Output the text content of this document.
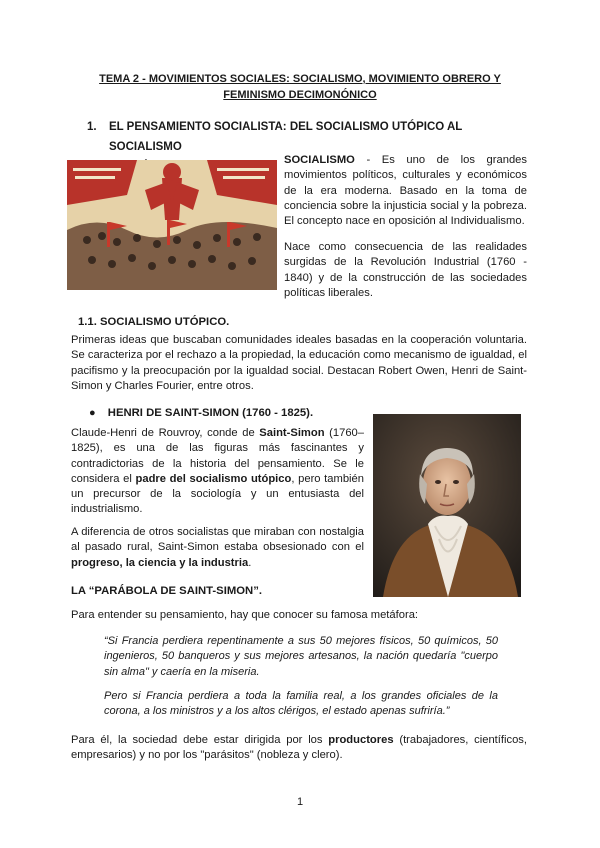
TEMA 2 - MOVIMIENTOS SOCIALES: SOCIALISMO, MOVIMIENTO OBRERO Y
FEMINISMO DECIMONÓNICO
1.	EL PENSAMIENTO SOCIALISTA: DEL SOCIALISMO UTÓPICO AL SOCIALISMO
SOCIALISMO - Es uno de los grandes movimientos políticos, culturales y económicos de la era moderna. Basado en la toma de conciencia sobre la injusticia social y la pobreza. El concepto nace en oposición al Individualismo.
Nace como consecuencia de las realidades surgidas de la Revolución Industrial (1760 - 1840) y de la construcción de las sociedades políticas liberales.
1.1. SOCIALISMO UTÓPICO.
Primeras ideas que buscaban comunidades ideales basadas en la cooperación voluntaria. Se caracteriza por el rechazo a la propiedad, la educación como mecanismo de igualdad, el pacifismo y la preocupación por la igualdad social. Destacan Robert Owen, Henri de Saint-Simon y Charles Fourier, entre otros.
● HENRI DE SAINT-SIMON (1760 - 1825).
Claude-Henri de Rouvroy, conde de Saint-Simon (1760–1825), es una de las figuras más fascinantes y contradictorias de la historia del pensamiento. Se le considera el padre del socialismo utópico, pero también un precursor de la sociología y un entusiasta del industrialismo.
A diferencia de otros socialistas que miraban con nostalgia al pasado rural, Saint-Simon estaba obsesionado con el progreso, la ciencia y la industria.
LA “PARÁBOLA DE SAINT-SIMON”.
Para entender su pensamiento, hay que conocer su famosa metáfora:
“Si Francia perdiera repentinamente a sus 50 mejores físicos, 50 químicos, 50 ingenieros, 50 banqueros y sus mejores artesanos, la nación quedaría "cuerpo sin alma" y caería en la miseria.
Pero si Francia perdiera a toda la familia real, a los grandes oficiales de la corona, a los ministros y a los altos clérigos, el estado apenas sufriría.”
Para él, la sociedad debe estar dirigida por los productores (trabajadores, científicos, empresarios) y no por los "parásitos" (nobleza y clero).
1
